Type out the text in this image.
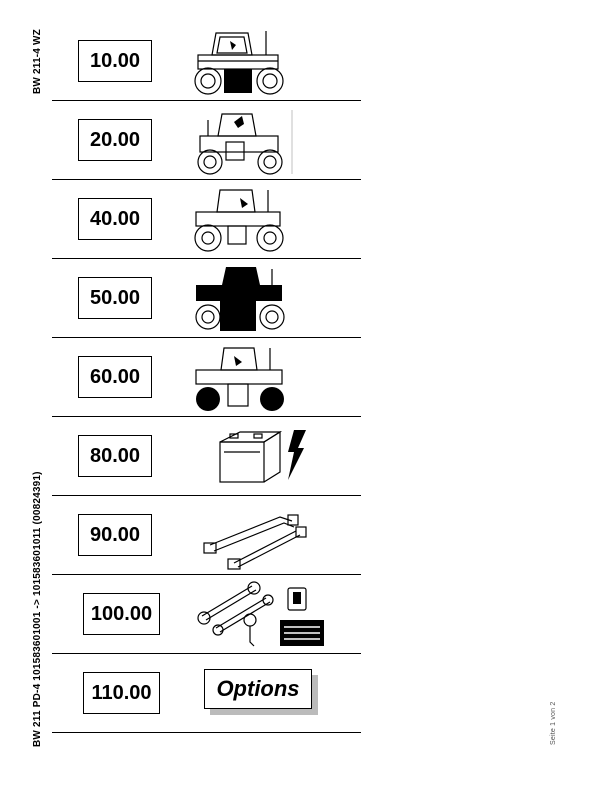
BW 211-4 WZ
BW 211 PD-4 101583601001 -> 101583601011 (00824391)	Seite 1 von 2
10.00
20.00
40.00
50.00
60.00
80.00
90.00
100.00
110.00	Options
